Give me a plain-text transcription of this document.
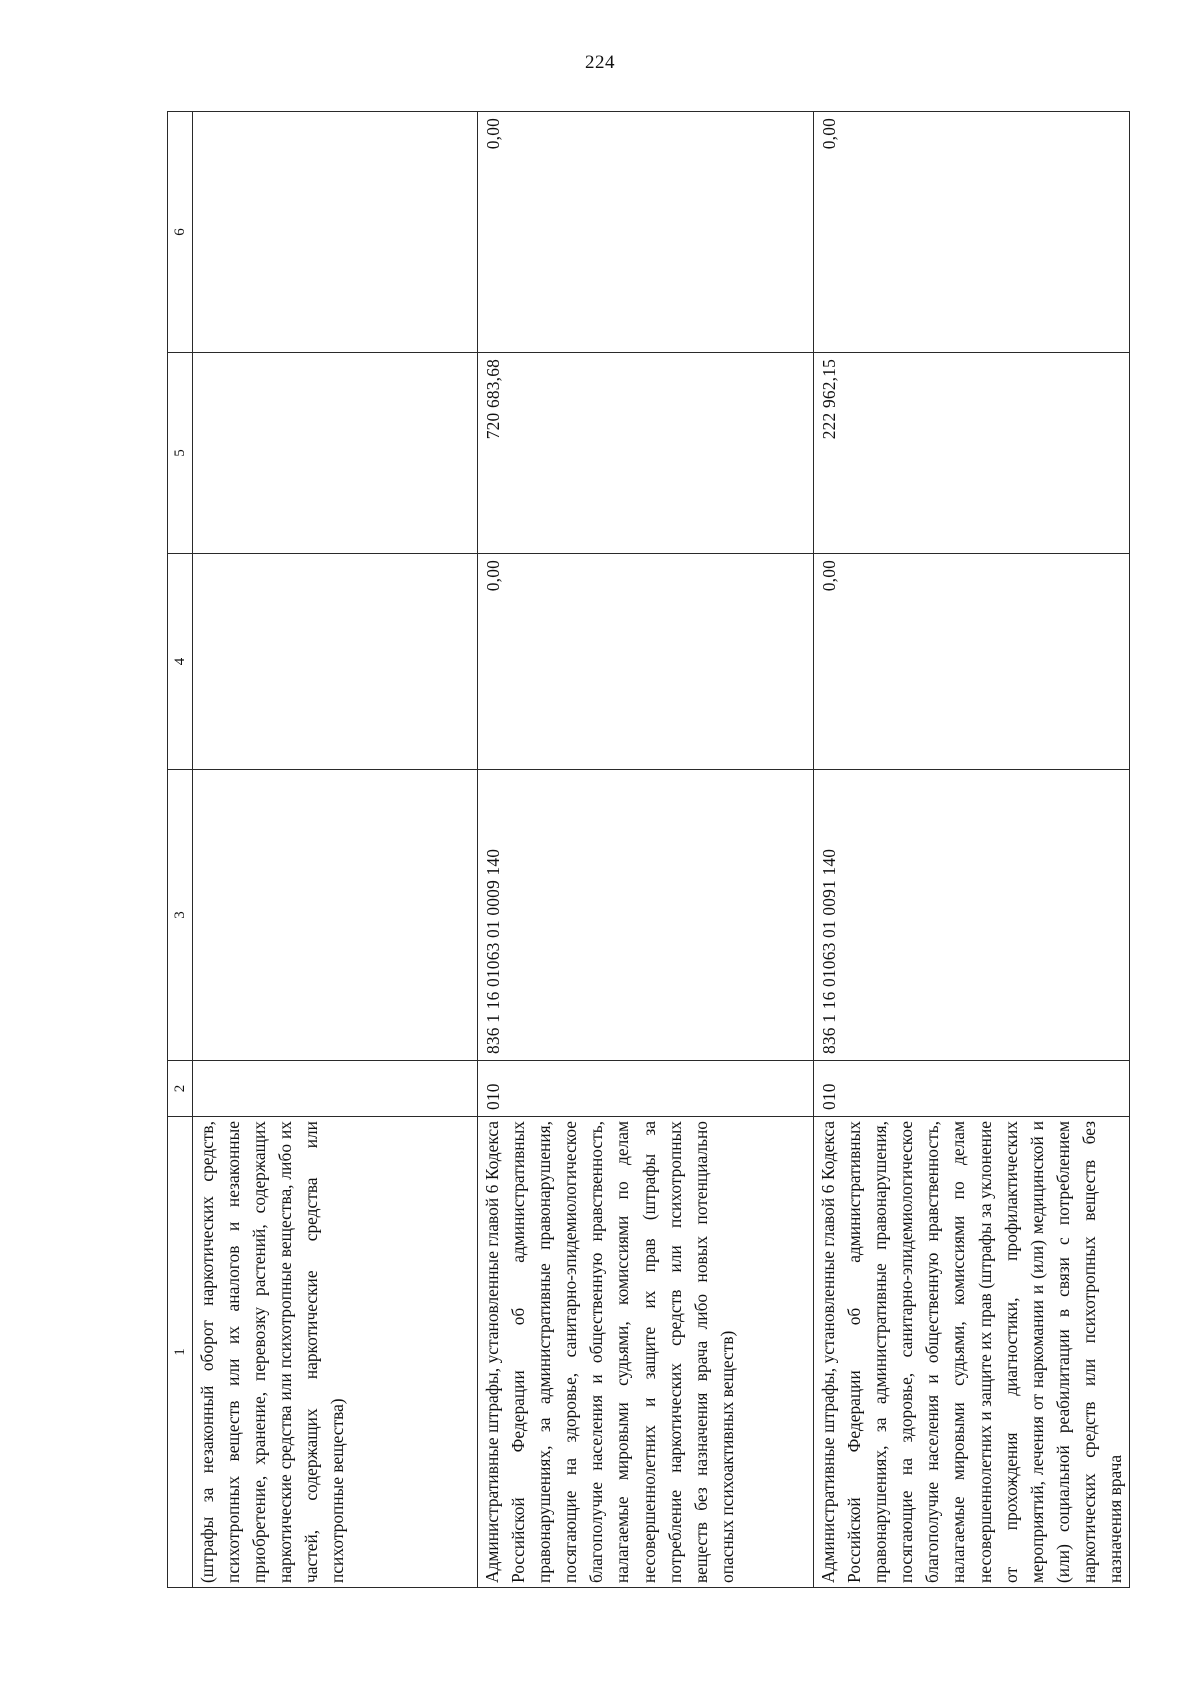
224
1	2	3	4	5	6
(штрафы за незаконный оборот наркотических средств, психотропных веществ или их аналогов и незаконные приобретение, хранение, перевозку растений, содержащих наркотические средства или психотропные вещества, либо их частей, содержащих наркотические средства или психотропные вещества)					
Административные штрафы, установленные главой 6 Кодекса Российской Федерации об административных правонарушениях, за административные правонарушения, посягающие на здоровье, санитарно-эпидемиологическое благополучие населения и общественную нравственность, налагаемые мировыми судьями, комиссиями по делам несовершеннолетних и защите их прав (штрафы за потребление наркотических средств или психотропных веществ без назначения врача либо новых потенциально опасных психоактивных веществ)	010	836 1 16 01063 01 0009 140	0,00	720 683,68	0,00
Административные штрафы, установленные главой 6 Кодекса Российской Федерации об административных правонарушениях, за административные правонарушения, посягающие на здоровье, санитарно-эпидемиологическое благополучие населения и общественную нравственность, налагаемые мировыми судьями, комиссиями по делам несовершеннолетних и защите их прав (штрафы за уклонение от прохождения диагностики, профилактических мероприятий, лечения от наркомании и (или) медицинской и (или) социальной реабилитации в связи с потреблением наркотических средств или психотропных веществ без назначения врача	010	836 1 16 01063 01 0091 140	0,00	222 962,15	0,00
